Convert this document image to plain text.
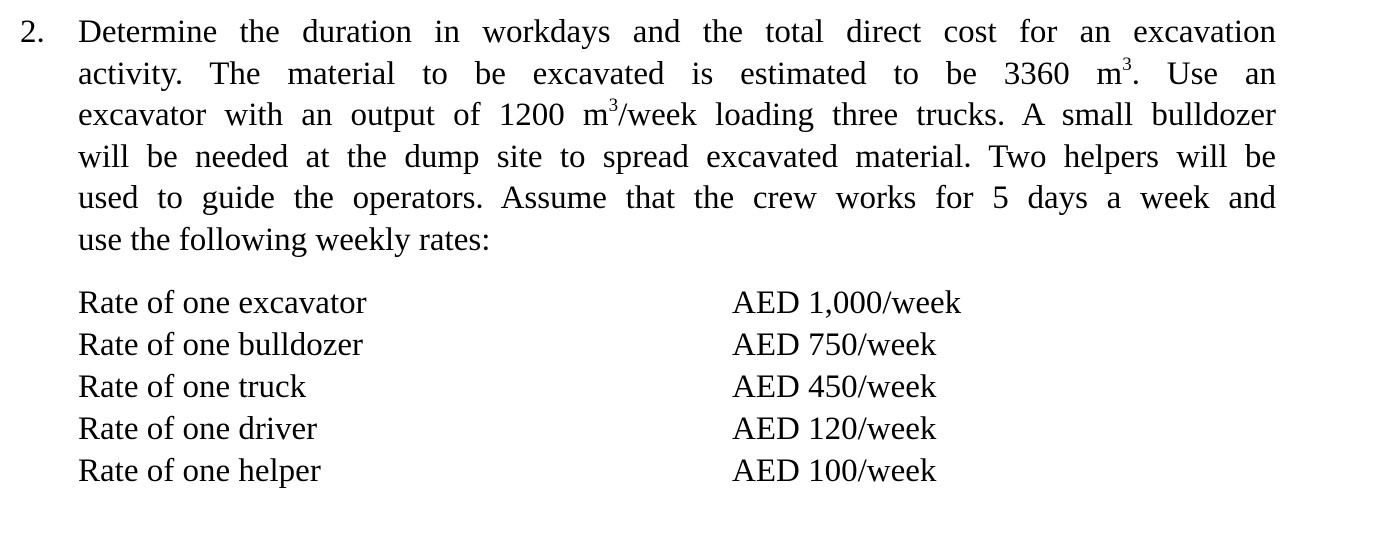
2. Determine the duration in workdays and the total direct cost for an excavation
activity. The material to be excavated is estimated to be 3360 $m^3$. Use an
excavator with an output of 1200 $m^3$/week loading three trucks. A small bulldozer
will be needed at the dump site to spread excavated material. Two helpers will be
used to guide the operators. Assume that the crew works for 5 days a week and
use the following weekly rates:
Rate of one excavator	AED 1,000/week
Rate of one bulldozer	AED 750/week
Rate of one truck	AED 450/week
Rate of one driver	AED 120/week
Rate of one helper	AED 100/week
